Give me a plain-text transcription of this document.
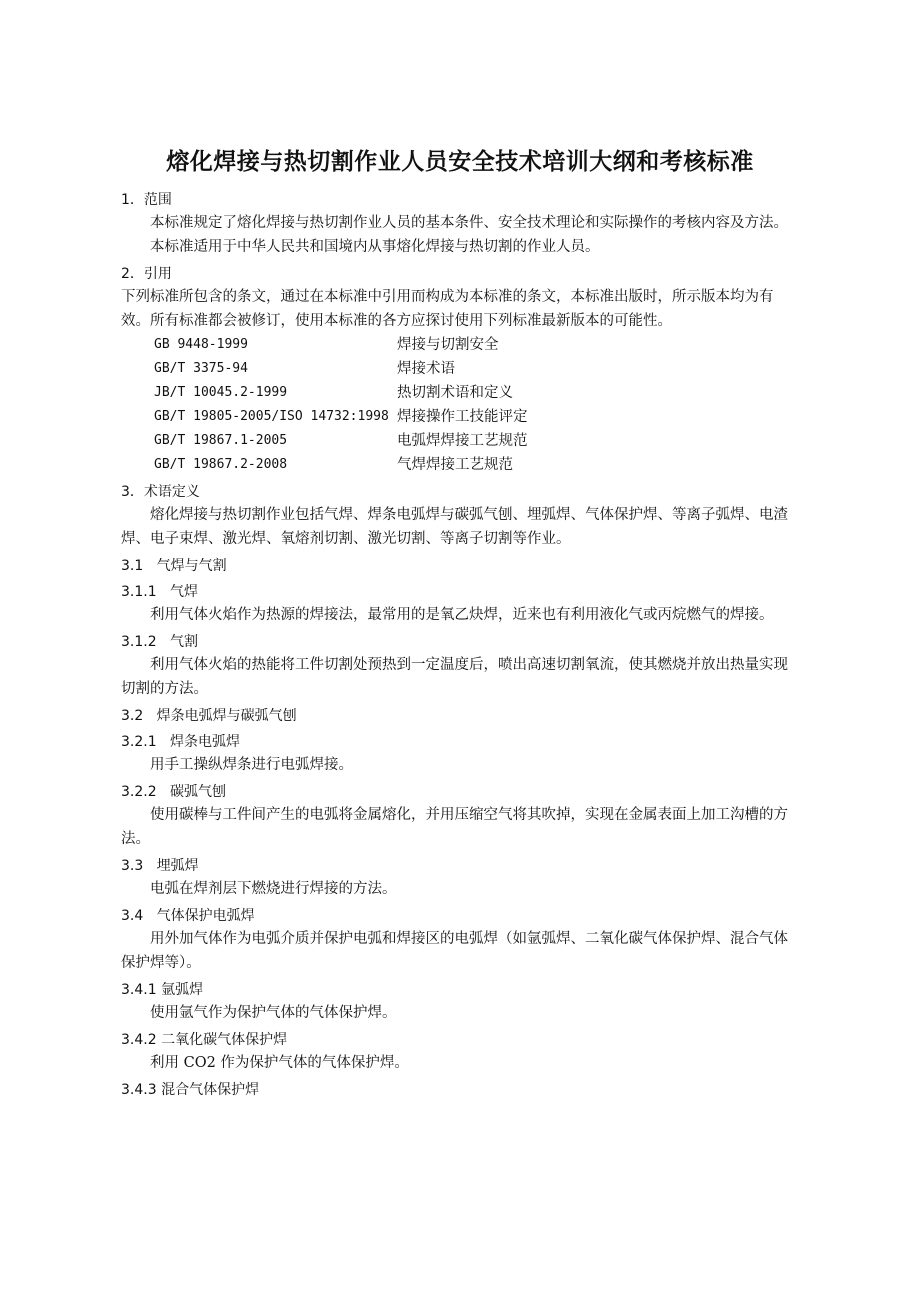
熔化焊接与热切割作业人员安全技术培训大纲和考核标准
1．范围

本标准规定了熔化焊接与热切割作业人员的基本条件、安全技术理论和实际操作的考核内容及方法。

本标准适用于中华人民共和国境内从事熔化焊接与热切割的作业人员。

2．引用

下列标准所包含的条文，通过在本标准中引用而构成为本标准的条文，本标准出版时，所示版本均为有效。所有标准都会被修订，使用本标准的各方应探讨使用下列标准最新版本的可能性。

GB 9448-1999	焊接与切割安全
GB/T 3375-94	焊接术语
JB/T 10045.2-1999	热切割术语和定义
GB/T 19805-2005/ISO 14732:1998 焊接操作工技能评定
GB/T 19867.1-2005	电弧焊焊接工艺规范
GB/T 19867.2-2008	气焊焊接工艺规范
3．术语定义

熔化焊接与热切割作业包括气焊、焊条电弧焊与碳弧气刨、埋弧焊、气体保护焊、等离子弧焊、电渣焊、电子束焊、激光焊、氧熔剂切割、激光切割、等离子切割等作业。

3.1   气焊与气割
3.1.1   气焊

利用气体火焰作为热源的焊接法，最常用的是氧乙炔焊，近来也有利用液化气或丙烷燃气的焊接。

3.1.2   气割

利用气体火焰的热能将工件切割处预热到一定温度后，喷出高速切割氧流，使其燃烧并放出热量实现切割的方法。

3.2   焊条电弧焊与碳弧气刨
3.2.1   焊条电弧焊

用手工操纵焊条进行电弧焊接。

3.2.2   碳弧气刨

使用碳棒与工件间产生的电弧将金属熔化，并用压缩空气将其吹掉，实现在金属表面上加工沟槽的方法。

3.3   埋弧焊

电弧在焊剂层下燃烧进行焊接的方法。

3.4   气体保护电弧焊

用外加气体作为电弧介质并保护电弧和焊接区的电弧焊（如氩弧焊、二氧化碳气体保护焊、混合气体保护焊等）。

3.4.1 氩弧焊

使用氩气作为保护气体的气体保护焊。

3.4.2 二氧化碳气体保护焊

利用 CO2 作为保护气体的气体保护焊。

3.4.3 混合气体保护焊
